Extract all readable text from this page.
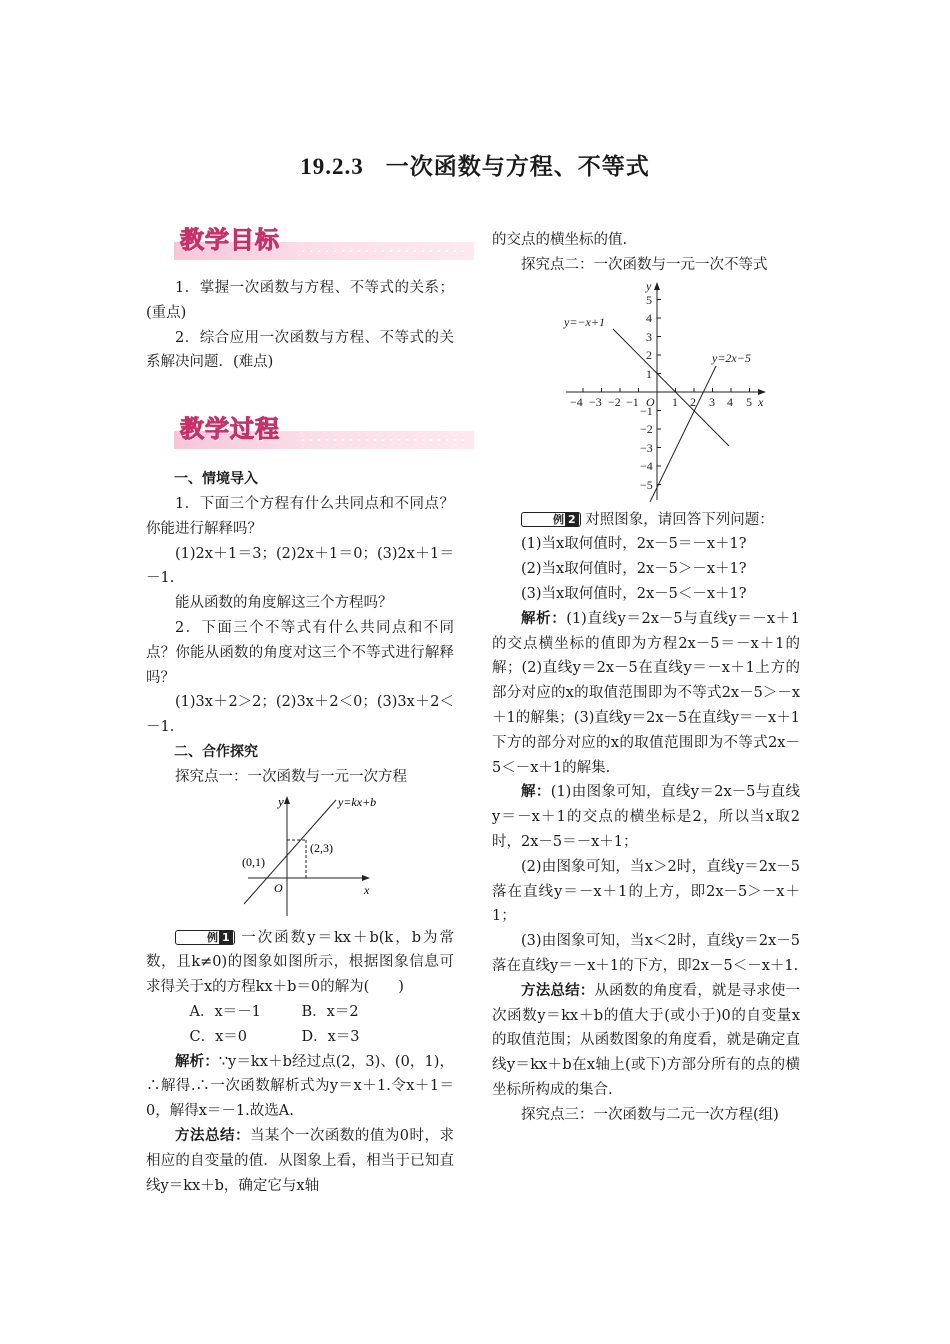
19.2.3 一次函数与方程、不等式
教学目标

1．掌握一次函数与方程、不等式的关系；(重点)

2．综合应用一次函数与方程、不等式的关系解决问题．(难点)

教学过程

一、情境导入

1．下面三个方程有什么共同点和不同点？你能进行解释吗？

(1)2x＋1＝3；(2)2x＋1＝0；(3)2x＋1＝－1.

能从函数的角度解这三个方程吗？

2．下面三个不等式有什么共同点和不同点？你能从函数的角度对这三个不等式进行解释吗？

(1)3x＋2＞2；(2)3x＋2＜0；(3)3x＋2＜－1.

二、合作探究

探究点一：一次函数与一元一次方程

y	y=kx+b
(2,3)
(0,1)
O	x

例 1 一次函数y＝kx＋b(k，b为常数，且k≠0)的图象如图所示，根据图象信息可求得关于x的方程kx＋b＝0的解为(　　)

A．x＝－1	B．x＝2
C．x＝0	D．x＝3

解析：∵y＝kx＋b经过点(2，3)、(0，1)，∴解得.∴一次函数解析式为y＝x＋1.令x＋1＝0，解得x＝－1.故选A.

方法总结：当某个一次函数的值为0时，求相应的自变量的值．从图象上看，相当于已知直线y＝kx＋b，确定它与x轴

的交点的横坐标的值.

探究点二：一次函数与一元一次不等式

−4 −3 −2 −1	1 2 3 4 5
5
4
3
2
1
−1
−2
−3
−4
−5
y
x
O
y=−x+1
y=2x−5

例 2 对照图象，请回答下列问题：

(1)当x取何值时，2x－5＝－x＋1?

(2)当x取何值时，2x－5＞－x＋1?

(3)当x取何值时，2x－5＜－x＋1?

解析：(1)直线y＝2x－5与直线y＝－x＋1的交点横坐标的值即为方程2x－5＝－x＋1的解；(2)直线y＝2x－5在直线y＝－x＋1上方的部分对应的x的取值范围即为不等式2x－5＞－x＋1的解集；(3)直线y＝2x－5在直线y＝－x＋1下方的部分对应的x的取值范围即为不等式2x－5＜－x＋1的解集.

解：(1)由图象可知，直线y＝2x－5与直线y＝－x＋1的交点的横坐标是2，所以当x取2时，2x－5＝－x＋1；

(2)由图象可知，当x＞2时，直线y＝2x－5落在直线y＝－x＋1的上方，即2x－5＞－x＋1；

(3)由图象可知，当x＜2时，直线y＝2x－5落在直线y＝－x＋1的下方，即2x－5＜－x＋1.

方法总结：从函数的角度看，就是寻求使一次函数y＝kx＋b的值大于(或小于)0的自变量x的取值范围；从函数图象的角度看，就是确定直线y＝kx＋b在x轴上(或下)方部分所有的点的横坐标所构成的集合.

探究点三：一次函数与二元一次方程(组)
